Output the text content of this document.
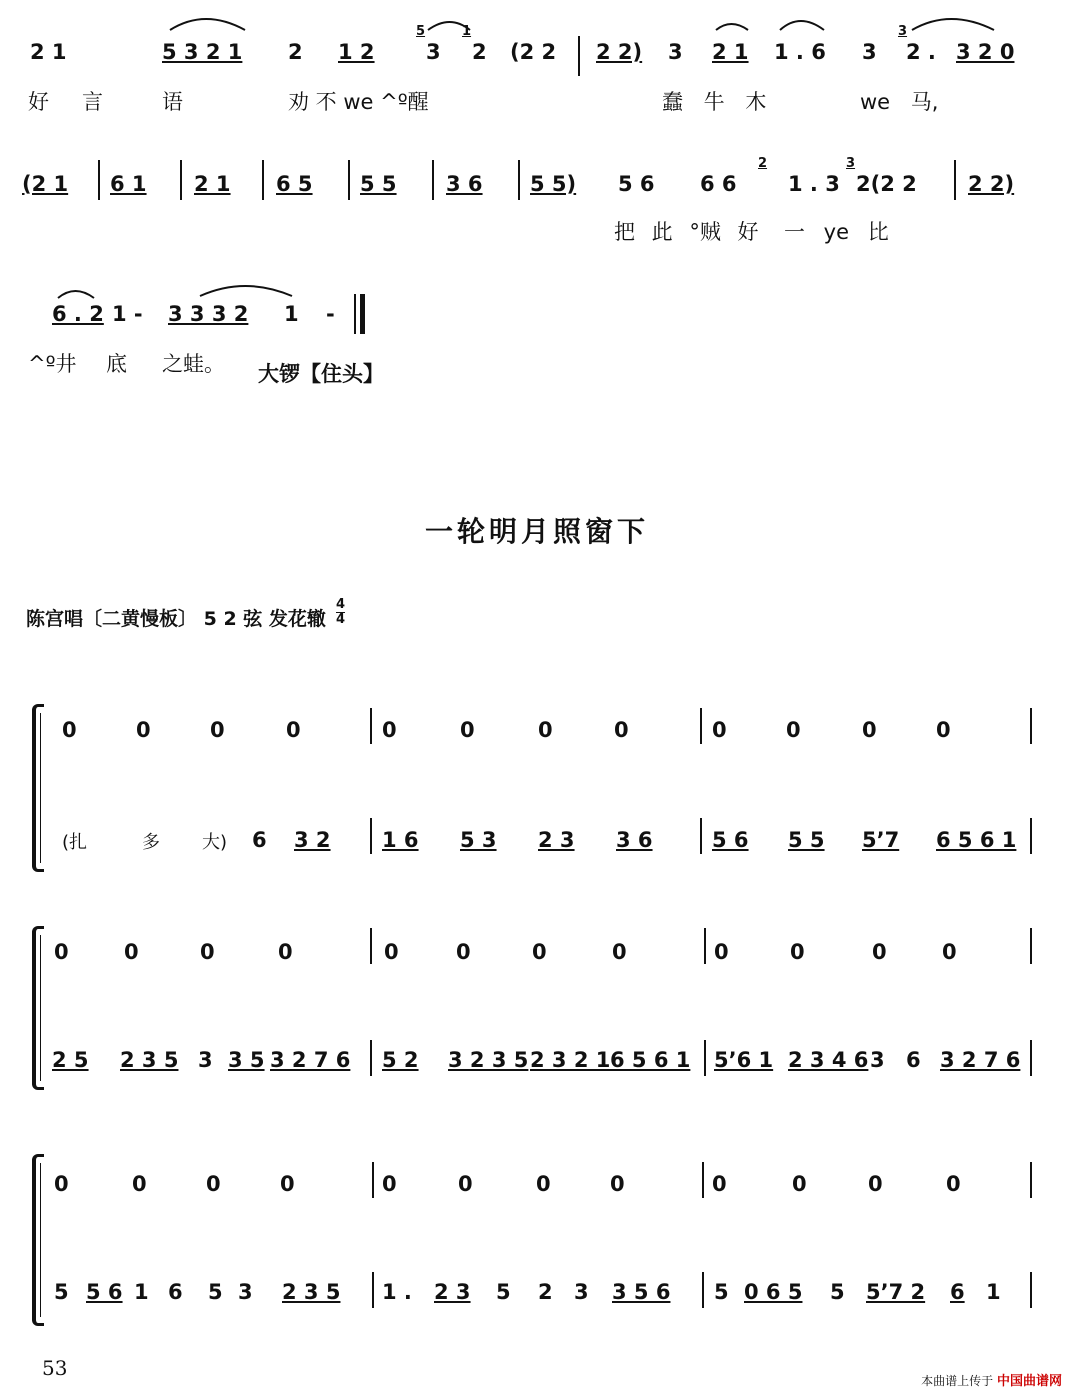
2 1	5 3 2 1 2 1 2
5
3
1
2 (2 2 2 2) 3 2 1 1 . 6 3
3
2 . 3 2 0
好 言	语	劝 不 we ^º醒	蠢 牛 木	we 马,
(2 1 6 1 2 1 6 5 5 5 3 6 5 5) 5 6 6 6
2
1 . 3
3
2(2 2 2 2)
把 此 °贼 好 一 ye 比
6 . 2 1 - 3 3 3 2 1 -
^º井 底 之蛙。 大锣【住头】
一轮明月照窗下
陈宫唱〔二黄慢板〕 5 2 弦 发花辙
4
4
0	0	0	0	0	0	0	0	0	0	0	0
(扎	多 大) 6 3 2 1 6 5 3 2 3 3 6	5 6 5 5 5’7 6 5 6 1
0	0	0	0	0	0	0	0	0	0	0	0
2 5 2 3 5 3 3 5 3 2 7 6 5 2 3 2 3 5 2 3 2 1 6 5 6 1 5’6 1 2 3 4 6 3 6 3 2 7 6
0	0	0	0	0	0	0	0	0	0	0	0
5 5 6 1 6 5 3 2 3 5 1 . 2 3 5 2 3 3 5 6 5 0 6 5 5 5’7 2 6 1
53
本曲谱上传于 中国曲谱网
